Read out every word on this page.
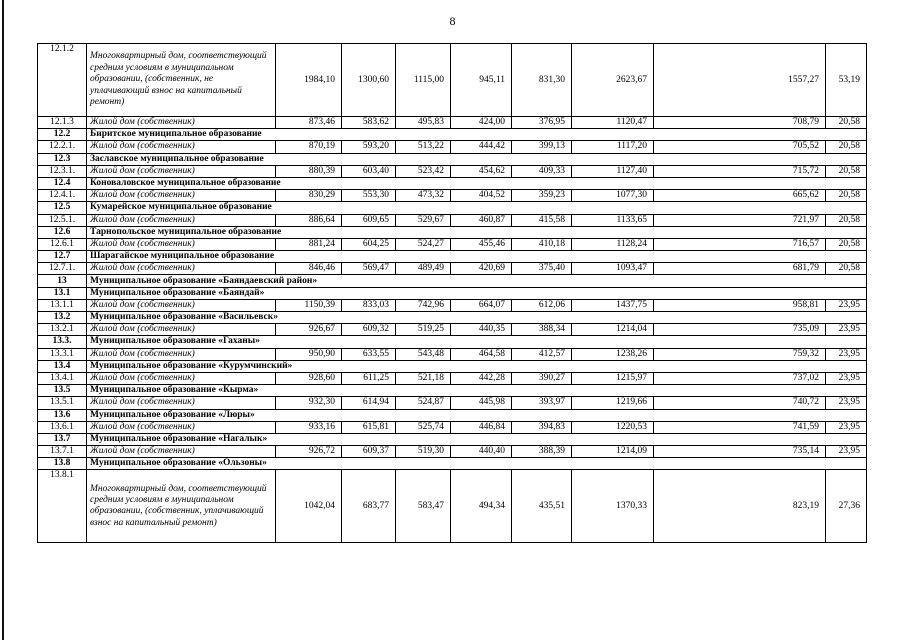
8
12.1.2	Многоквартирный дом, соответствующий средним условиям в муниципальном образовании, (собственник, не уплачивающий взнос на капитальный ремонт)	1984,10	1300,60	1115,00	945,11	831,30	2623,67	1557,27	53,19
12.1.3	Жилой дом (собственник)	873,46	583,62	495,83	424,00	376,95	1120,47	708,79	20,58
12.2	Биритское муниципальное образование								
12.2.1.	Жилой дом (собственник)	870,19	593,20	513,22	444,42	399,13	1117,20	705,52	20,58
12.3	Заславское муниципальное образование								
12.3.1.	Жилой дом (собственник)	880,39	603,40	523,42	454,62	409,33	1127,40	715,72	20,58
12.4	Коноваловское муниципальное образование								
12.4.1.	Жилой дом (собственник)	830,29	553,30	473,32	404,52	359,23	1077,30	665,62	20,58
12.5	Кумарейское муниципальное образование								
12.5.1.	Жилой дом (собственник)	886,64	609,65	529,67	460,87	415,58	1133,65	721,97	20,58
12.6	Тарнопольское муниципальное образование								
12.6.1	Жилой дом (собственник)	881,24	604,25	524,27	455,46	410,18	1128,24	716,57	20,58
12.7	Шарагайское муниципальное образование								
12.7.1.	Жилой дом (собственник)	846,46	569,47	489,49	420,69	375,40	1093,47	681,79	20,58
13	Муниципальное образование «Баяндаевский район»								
13.1	Муниципальное образование «Баяндай»								
13.1.1	Жилой дом (собственник)	1150,39	833,03	742,96	664,07	612,06	1437,75	958,81	23,95
13.2	Муниципальное образование «Васильевск»								
13.2.1	Жилой дом (собственник)	926,67	609,32	519,25	440,35	388,34	1214,04	735,09	23,95
13.3.	Муниципальное образование «Гаханы»								
13.3.1	Жилой дом (собственник)	950,90	633,55	543,48	464,58	412,57	1238,26	759,32	23,95
13.4	Муниципальное образование «Курумчинский»								
13.4.1	Жилой дом (собственник)	928,60	611,25	521,18	442,28	390,27	1215,97	737,02	23,95
13.5	Муниципальное образование «Кырма»								
13.5.1	Жилой дом (собственник)	932,30	614,94	524,87	445,98	393,97	1219,66	740,72	23,95
13.6	Муниципальное образование «Люры»								
13.6.1	Жилой дом (собственник)	933,16	615,81	525,74	446,84	394,83	1220,53	741,59	23,95
13.7	Муниципальное образование «Нагалык»								
13.7.1	Жилой дом (собственник)	926,72	609,37	519,30	440,40	388,39	1214,09	735,14	23,95
13.8	Муниципальное образование «Ользоны»								
13.8.1	Многоквартирный дом, соответствующий средним условиям в муниципальном образовании, (собственник, уплачивающий взнос на капитальный ремонт)	1042,04	683,77	583,47	494,34	435,51	1370,33	823,19	27,36
